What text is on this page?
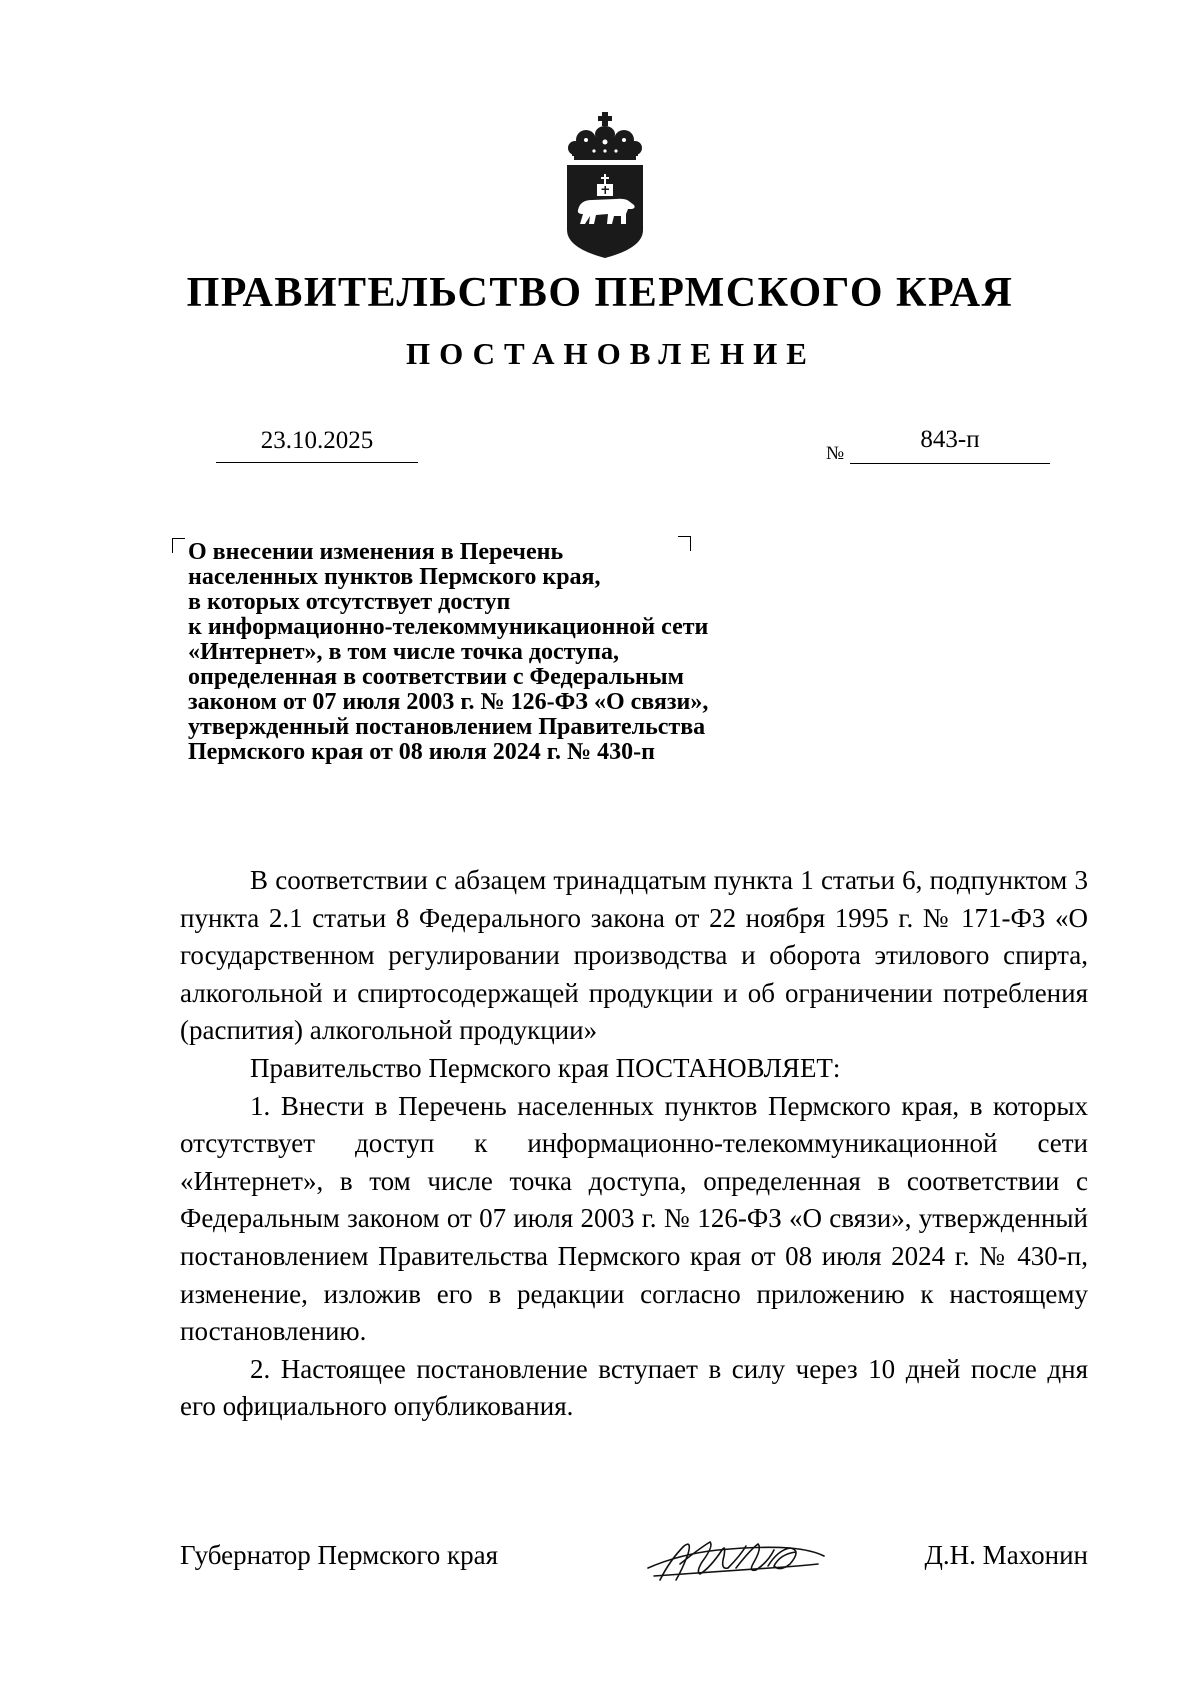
ПРАВИТЕЛЬСТВО ПЕРМСКОГО КРАЯ
ПОСТАНОВЛЕНИЕ
23.10.2025	№
843-п
О внесении изменения в Перечень
населенных пунктов Пермского края,
в которых отсутствует доступ
к информационно-телекоммуникационной сети
«Интернет», в том числе точка доступа,
определенная в соответствии с Федеральным
законом от 07 июля 2003 г. № 126-ФЗ «О связи»,
утвержденный постановлением Правительства
Пермского края от 08 июля 2024 г. № 430-п

В соответствии с абзацем тринадцатым пункта 1 статьи 6, подпунктом 3 пункта 2.1 статьи 8 Федерального закона от 22 ноября 1995 г. № 171-ФЗ «О государственном регулировании производства и оборота этилового спирта, алкогольной и спиртосодержащей продукции и об ограничении потребления (распития) алкогольной продукции»

Правительство Пермского края ПОСТАНОВЛЯЕТ:

1. Внести в Перечень населенных пунктов Пермского края, в которых отсутствует доступ к информационно-телекоммуникационной сети «Интернет», в том числе точка доступа, определенная в соответствии с Федеральным законом от 07 июля 2003 г. № 126-ФЗ «О связи», утвержденный постановлением Правительства Пермского края от 08 июля 2024 г. № 430-п, изменение, изложив его в редакции согласно приложению к настоящему постановлению.

2. Настоящее постановление вступает в силу через 10 дней после дня его официального опубликования.

Губернатор Пермского края	Д.Н. Махонин
